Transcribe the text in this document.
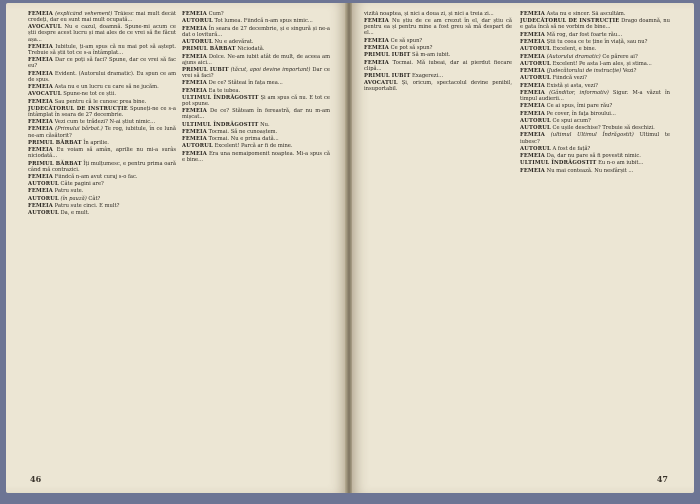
FEMEIA (explicând vehement) Trăiesc mai mult decât credeți, dar eu sunt mai mult ocupată...

AVOCATUL Nu e cazul, doamnă. Spune-mi acum ce știi despre acest lucru și mai ales de ce vrei să fie făcut așa...

FEMEIA Iubitule, ți-am spus că nu mai pot să aștept. Trebuie să știi tot ce s-a întâmplat...

FEMEIA Dar ce poți să faci? Spune, dar ce vrei să fac eu?

FEMEIA Evident. (Autorului dramatic). Eu spun ce am de spus.

FEMEIA Asta nu e un lucru cu care să ne jucăm.

AVOCATUL Spune-ne tot ce știi.

FEMEIA Sau pentru că le cunosc prea bine.

JUDECĂTORUL DE INSTRUCȚIE Spuneți-ne ce s-a întâmplat în seara de 27 decembrie.

FEMEIA Vezi cum te trădezi? N-ai știut nimic...

FEMEIA (Primului bărbat.) Te rog, iubitule, în ce lună ne-am căsătorit?

PRIMUL BĂRBAT În aprilie.

FEMEIA Eu voiam să amân, aprilie nu mi-a surâs niciodată...

PRIMUL BĂRBAT Îți mulțumesc, e pentru prima oară când mă contrazici.

FEMEIA Fiindcă n-am avut curaj s-o fac.

AUTORUL Câte pagini are?

FEMEIA Patru sute.

AUTORUL (în pauză) Cât?

FEMEIA Patru sute cinci. E mult?

AUTORUL Da, e mult.

FEMEIA Cum?

AUTORUL Tot lumea. Fiindcă n-am spus nimic...

FEMEIA În seara de 27 decembrie, și e singură și ne-a dat o lovitură...

AUTORUL Nu e adevărat.

PRIMUL BĂRBAT Niciodată.

FEMEIA Dolce. Ne-am iubit atât de mult, de aceea am ajuns aici...

PRIMUL IUBIT (tăcut, apoi devine important) Dar ce vrei să faci?

FEMEIA De ce? Stăteai în fața mea...

FEMEIA Ea te iubea.

ULTIMUL ÎNDRĂGOSTIT Și am spus că nu. E tot ce pot spune.

FEMEIA De ce? Stăteam în fereastră, dar nu m-am mișcat...

ULTIMUL ÎNDRĂGOSTIT Nu.

FEMEIA Tocmai. Să ne cunoaștem.

FEMEIA Tocmai. Nu e prima dată...

AUTORUL Excelent! Parcă ar fi de mine.

FEMEIA Era una nemaipomenit noaptea. Mi-a spus că e bine...

46

vizită noaptea, și nici a doua zi, și nici a treia zi...

FEMEIA Nu știu de ce am crezut în el, dar știu că pentru ea și pentru mine a fost greu să mă despart de el...

FEMEIA Ce să spun?

FEMEIA Ce pot să spun?

PRIMUL IUBIT Să m-am iubit.

FEMEIA Tocmai. Mă iubeai, dar ai pierdut fiecare clipă...

PRIMUL IUBIT Exagerezi...

AVOCATUL Și, oricum, spectacolul devine penibil, insuportabil.

FEMEIA Asta nu e sincer. Să ascultăm.

JUDECĂTORUL DE INSTRUCȚIE Drago doamnă, nu e gata încă să ne vorbim de bine...

FEMEIA Mă rog, dar fost foarte rău...

FEMEIA Știi tu ceea ce te ține în viață, sau nu?

AUTORUL Excelent, e bine.

FEMEIA (Autorului dramatic) Ce părere ai?

AUTORUL Excelent! Pe asta l-am ales, și stima...

FEMEIA (Judecătorului de instrucție) Vezi?

AUTORUL Fiindcă vezi?

FEMEIA Există și asta, vezi?

FEMEIA (Gânditor, informativ) Sigur. M-a văzut în timpul audierii...

FEMEIA Ce ai spus, îmi pare rău?

FEMEIA Pe cover, în faţa biroului...

AUTORUL Ce spui acum?

AUTORUL Ce ușile deschise? Trebuie să deschizi.

FEMEIA (ultimul Ultimul Îndrăgostit) Ultimul te iubesc?

AUTORUL A fost de față?

FEMEIA Da, dar nu pare să fi povestit nimic.

ULTIMUL ÎNDRĂGOSTIT Eu n-o am iubit...

FEMEIA Nu mai contează. Nu nesfârșit ...

47
